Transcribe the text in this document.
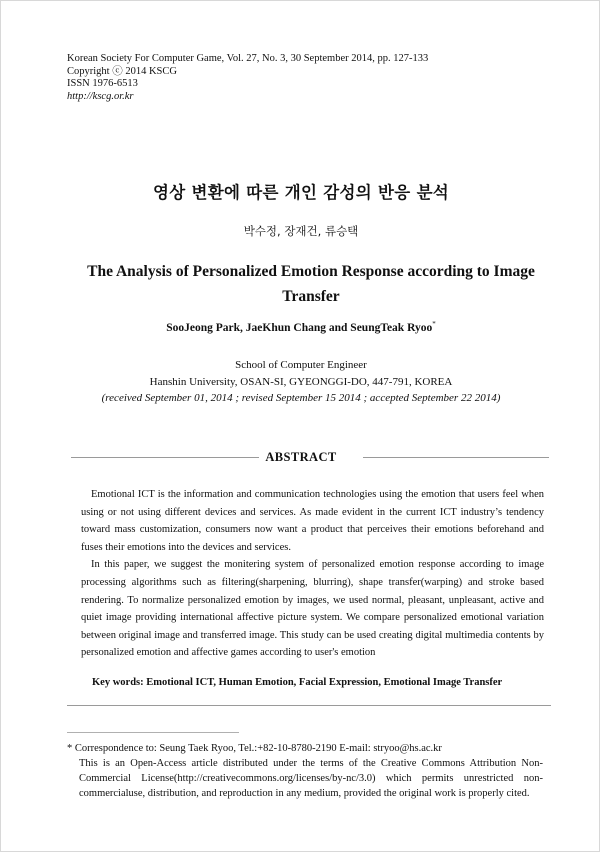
Korean Society For Computer Game, Vol. 27, No. 3, 30 September 2014, pp. 127-133
Copyright ⓒ 2014 KSCG
ISSN 1976-6513
http://kscg.or.kr
영상 변환에 따른 개인 감성의 반응 분석
박수정, 장재건, 류승택
The Analysis of Personalized Emotion Response according to Image Transfer
SooJeong Park, JaeKhun Chang and SeungTeak Ryoo*
School of Computer Engineer
Hanshin University, OSAN-SI, GYEONGGI-DO, 447-791, KOREA
(received September 01, 2014 ; revised September 15 2014 ; accepted September 22 2014)
ABSTRACT

Emotional ICT is the information and communication technologies using the emotion that users feel when using or not using different devices and services. As made evident in the current ICT industry’s tendency toward mass customization, consumers now want a product that perceives their emotions beforehand and fuses their emotions into the devices and services.

In this paper, we suggest the monitering system of personalized emotion response according to image processing algorithms such as filtering(sharpening, blurring), shape transfer(warping) and stroke based rendering. To normalize personalized emotion by images, we used normal, pleasant, unpleasant, active and quiet image providing international affective picture system. We compare personalized emotional variation between original image and transferred image. This study can be used creating digital multimedia contents by personalized emotion and affective games according to user's emotion

Key words: Emotional ICT, Human Emotion, Facial Expression, Emotional Image Transfer
* Correspondence to: Seung Taek Ryoo, Tel.:+82-10-8780-2190 E-mail: stryoo@hs.ac.kr
This is an Open-Access article distributed under the terms of the Creative Commons Attribution Non-Commercial License(http://creativecommons.org/licenses/by-nc/3.0) which permits unrestricted non-commercialuse, distribution, and reproduction in any medium, provided the original work is properly cited.
